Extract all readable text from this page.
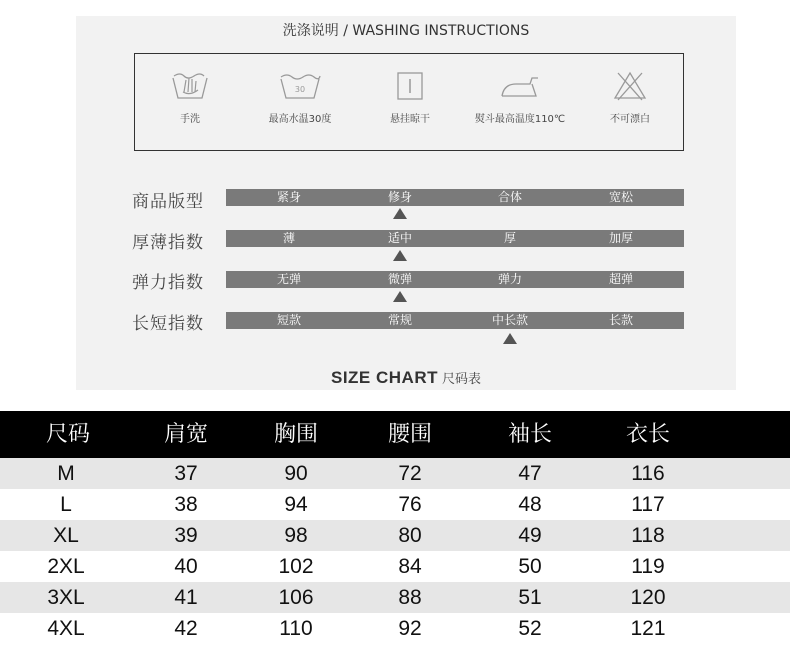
洗涤说明 / WASHING INSTRUCTIONS
手洗
30
最高水温30度	悬挂晾干	熨斗最高温度110℃	不可漂白
商品版型	紧身	修身	合体	宽松
厚薄指数	薄	适中	厚	加厚
弹力指数	无弹	微弹	弹力	超弹
长短指数	短款	常规	中长款	长款
SIZE CHART 尺码表
尺码	肩宽	胸围	腰围	袖长	衣长
M	37	90	72	47	116
L	38	94	76	48	117
XL	39	98	80	49	118
2XL	40	102	84	50	119
3XL	41	106	88	51	120
4XL	42	110	92	52	121
